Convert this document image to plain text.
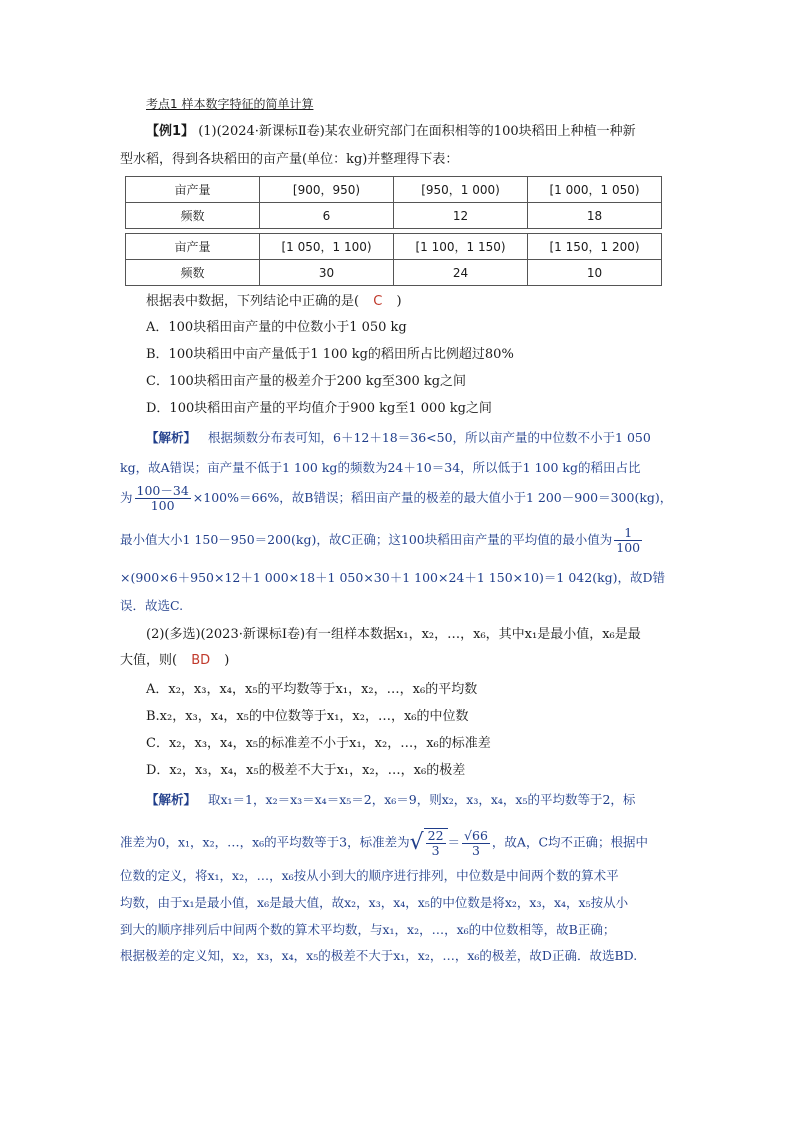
考点1 样本数字特征的简单计算
【例1】 (1)(2024·新课标Ⅱ卷)某农业研究部门在面积相等的100块稻田上种植一种新
型水稻，得到各块稻田的亩产量(单位：kg)并整理得下表：
亩产量	[900，950)	[950，1 000)	[1 000，1 050)
频数	6	12	18
亩产量	[1 050，1 100)	[1 100，1 150)	[1 150，1 200)
频数	30	24	10
根据表中数据，下列结论中正确的是( C )
A．100块稻田亩产量的中位数小于1 050 kg
B．100块稻田中亩产量低于1 100 kg的稻田所占比例超过80%
C．100块稻田亩产量的极差介于200 kg至300 kg之间
D．100块稻田亩产量的平均值介于900 kg至1 000 kg之间
【解析】 根据频数分布表可知，6＋12＋18＝36<50，所以亩产量的中位数不小于1 050
kg，故A错误；亩产量不低于1 100 kg的频数为24＋10＝34，所以低于1 100 kg的稻田占比
为 $\frac{100-34}{100} \times 100\%=66\%$，故B错误；稻田亩产量的极差的最大值小于1 200－900＝300(kg)，
最小值大小1 150－950＝200(kg)，故C正确；这100块稻田亩产量的平均值的最小值为 $\frac{1}{100}$
×(900×6＋950×12＋1 000×18＋1 050×30＋1 100×24＋1 150×10)＝1 042(kg)，故D错
误．故选C.
(2)(多选)(2023·新课标Ⅰ卷)有一组样本数据x₁，x₂，…，x₆，其中x₁是最小值，x₆是最
大值，则( BD )
A．x₂，x₃，x₄，x₅的平均数等于x₁，x₂，…，x₆的平均数
B.x₂，x₃，x₄，x₅的中位数等于x₁，x₂，…，x₆的中位数
C．x₂，x₃，x₄，x₅的标准差不小于x₁，x₂，…，x₆的标准差
D．x₂，x₃，x₄，x₅的极差不大于x₁，x₂，…，x₆的极差
【解析】 取x₁＝1，x₂＝x₃＝x₄＝x₅＝2，x₆＝9，则x₂，x₃，x₄，x₅的平均数等于2，标
准差为0，x₁，x₂，…，x₆的平均数等于3，标准差为√ $\frac{22}{3} = \frac{√66}{3}$ ，故A，C均不正确；根据中
位数的定义，将x₁，x₂，…，x₆按从小到大的顺序进行排列，中位数是中间两个数的算术平
均数，由于x₁是最小值，x₆是最大值，故x₂，x₃，x₄，x₅的中位数是将x₂，x₃，x₄，x₅按从小
到大的顺序排列后中间两个数的算术平均数，与x₁，x₂，…，x₆的中位数相等，故B正确；
根据极差的定义知，x₂，x₃，x₄，x₅的极差不大于x₁，x₂，…，x₆的极差，故D正确．故选BD.
